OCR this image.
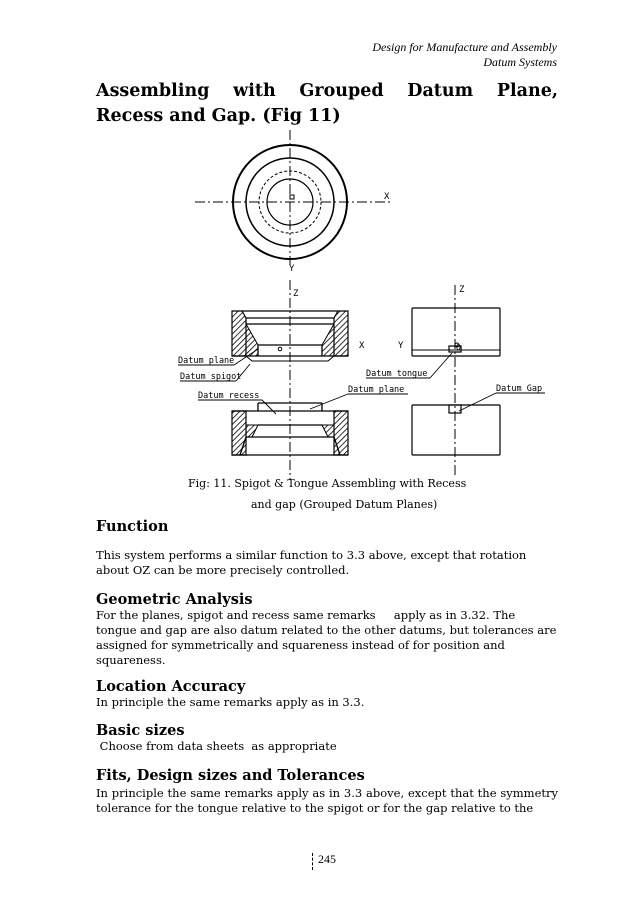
Design for Manufacture and Assembly
Datum Systems
Assembling with Grouped Datum Plane,
Recess and Gap. (Fig 11)
X
Y
Z
X
Z
Y	O
Datum plane
Datum spigot
Datum recess
Datum plane
Datum tongue
Datum Gap
Fig: 11. Spigot & Tongue Assembling with Recess
and gap (Grouped Datum Planes)
Function
This system performs a similar function to 3.3 above, except that rotation about OZ can be more precisely controlled.
Geometric Analysis
For the planes, spigot and recess same remarks     apply as in 3.32. The tongue and gap are also datum related to the other datums, but tolerances are assigned for symmetrically and squareness instead of for position and squareness.
Location Accuracy
In principle the same remarks apply as in 3.3.
Basic sizes
Choose from data sheets  as appropriate
Fits, Design sizes and Tolerances
In principle the same remarks apply as in 3.3 above, except that the symmetry tolerance for the tongue relative to the spigot or for the gap relative to the
245
